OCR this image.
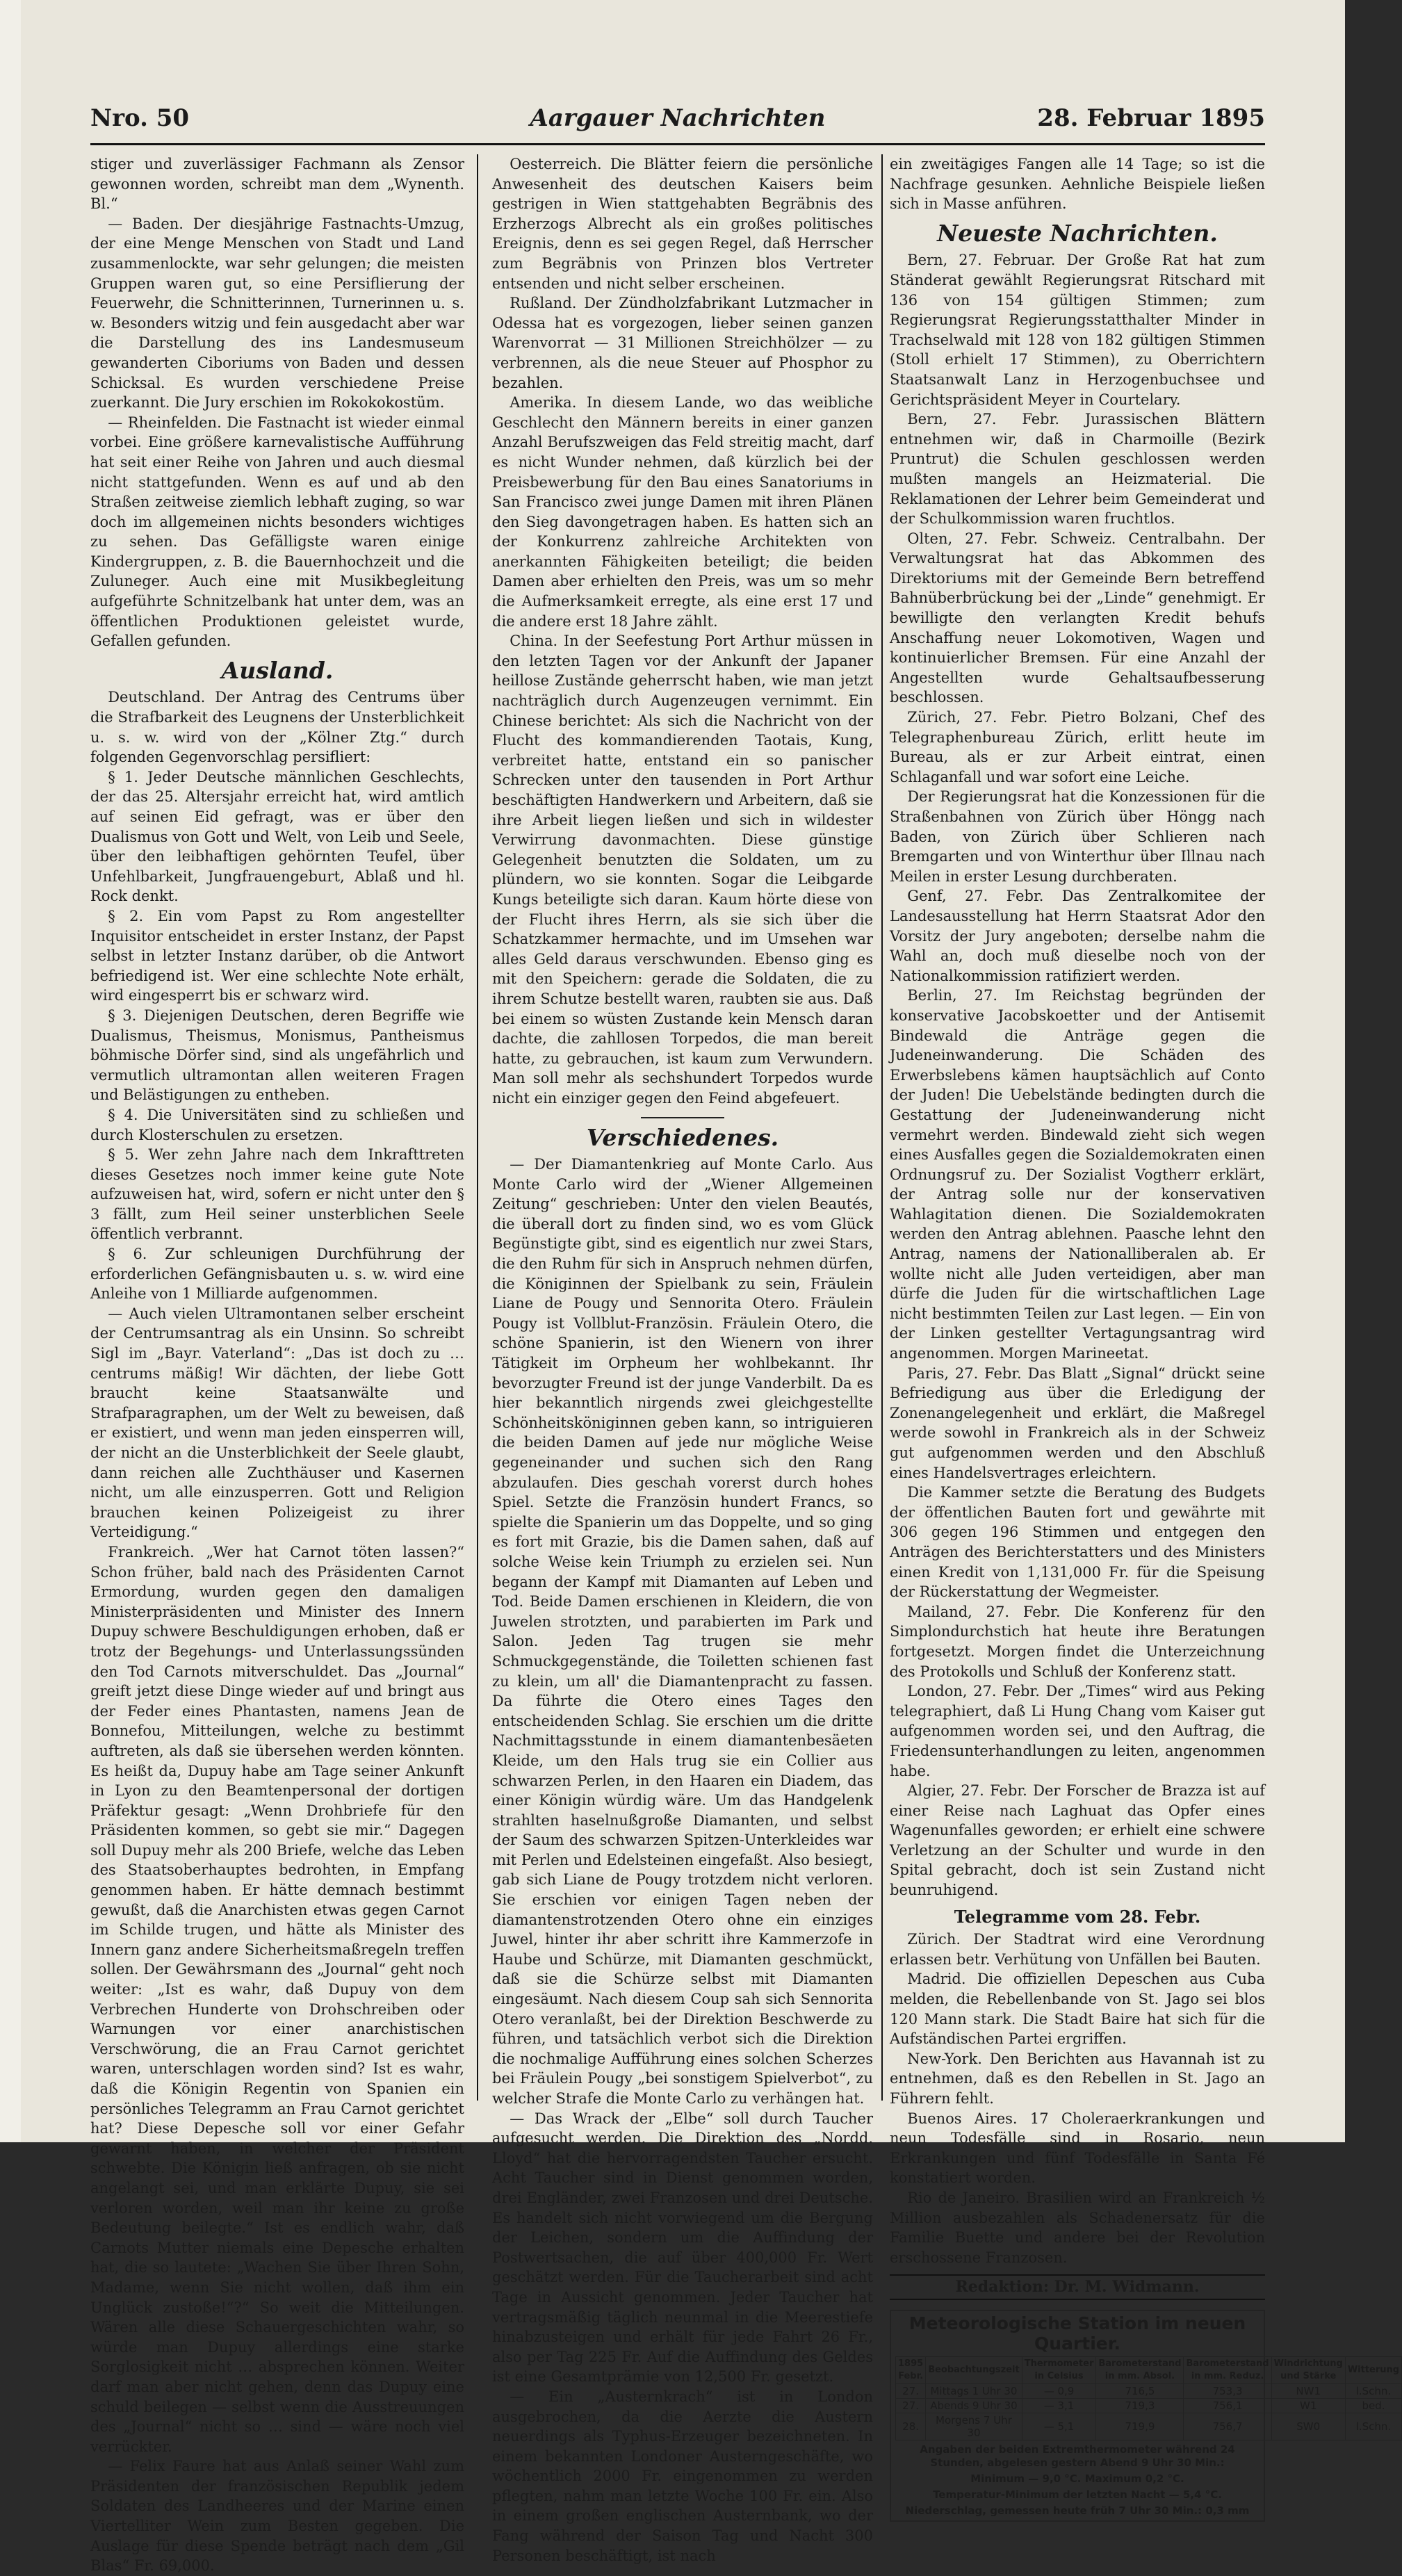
Nro. 50	Aargauer Nachrichten	28. Februar 1895

stiger und zuverlässiger Fachmann als Zensor gewonnen worden, schreibt man dem „Wynenth. Bl.“

— Baden. Der diesjährige Fastnachts-Umzug, der eine Menge Menschen von Stadt und Land zusammenlockte, war sehr gelungen; die meisten Gruppen waren gut, so eine Persiflierung der Feuerwehr, die Schnitterinnen, Turnerinnen u. s. w. Besonders witzig und fein ausgedacht aber war die Darstellung des ins Landesmuseum gewanderten Ciboriums von Baden und dessen Schicksal. Es wurden verschiedene Preise zuerkannt. Die Jury erschien im Rokokokostüm.

— Rheinfelden. Die Fastnacht ist wieder einmal vorbei. Eine größere karnevalistische Aufführung hat seit einer Reihe von Jahren und auch diesmal nicht stattgefunden. Wenn es auf und ab den Straßen zeitweise ziemlich lebhaft zuging, so war doch im allgemeinen nichts besonders wichtiges zu sehen. Das Gefälligste waren einige Kindergruppen, z. B. die Bauernhochzeit und die Zuluneger. Auch eine mit Musikbegleitung aufgeführte Schnitzelbank hat unter dem, was an öffentlichen Produktionen geleistet wurde, Gefallen gefunden.

Ausland.

Deutschland. Der Antrag des Centrums über die Strafbarkeit des Leugnens der Unsterblichkeit u. s. w. wird von der „Kölner Ztg.“ durch folgenden Gegenvorschlag persifliert:

§ 1. Jeder Deutsche männlichen Geschlechts, der das 25. Altersjahr erreicht hat, wird amtlich auf seinen Eid gefragt, was er über den Dualismus von Gott und Welt, von Leib und Seele, über den leibhaftigen gehörnten Teufel, über Unfehlbarkeit, Jungfrauengeburt, Ablaß und hl. Rock denkt.

§ 2. Ein vom Papst zu Rom angestellter Inquisitor entscheidet in erster Instanz, der Papst selbst in letzter Instanz darüber, ob die Antwort befriedigend ist. Wer eine schlechte Note erhält, wird eingesperrt bis er schwarz wird.

§ 3. Diejenigen Deutschen, deren Begriffe wie Dualismus, Theismus, Monismus, Pantheismus böhmische Dörfer sind, sind als ungefährlich und vermutlich ultramontan allen weiteren Fragen und Belästigungen zu entheben.

§ 4. Die Universitäten sind zu schließen und durch Klosterschulen zu ersetzen.

§ 5. Wer zehn Jahre nach dem Inkrafttreten dieses Gesetzes noch immer keine gute Note aufzuweisen hat, wird, sofern er nicht unter den § 3 fällt, zum Heil seiner unsterblichen Seele öffentlich verbrannt.

§ 6. Zur schleunigen Durchführung der erforderlichen Gefängnisbauten u. s. w. wird eine Anleihe von 1 Milliarde aufgenommen.

— Auch vielen Ultramontanen selber erscheint der Centrumsantrag als ein Unsinn. So schreibt Sigl im „Bayr. Vaterland“: „Das ist doch zu … centrums mäßig! Wir dächten, der liebe Gott braucht keine Staatsanwälte und Strafparagraphen, um der Welt zu beweisen, daß er existiert, und wenn man jeden einsperren will, der nicht an die Unsterblichkeit der Seele glaubt, dann reichen alle Zuchthäuser und Kasernen nicht, um alle einzusperren. Gott und Religion brauchen keinen Polizeigeist zu ihrer Verteidigung.“

Frankreich. „Wer hat Carnot töten lassen?“ Schon früher, bald nach des Präsidenten Carnot Ermordung, wurden gegen den damaligen Ministerpräsidenten und Minister des Innern Dupuy schwere Beschuldigungen erhoben, daß er trotz der Begehungs- und Unterlassungssünden den Tod Carnots mitverschuldet. Das „Journal“ greift jetzt diese Dinge wieder auf und bringt aus der Feder eines Phantasten, namens Jean de Bonnefou, Mitteilungen, welche zu bestimmt auftreten, als daß sie übersehen werden könnten. Es heißt da, Dupuy habe am Tage seiner Ankunft in Lyon zu den Beamtenpersonal der dortigen Präfektur gesagt: „Wenn Drohbriefe für den Präsidenten kommen, so gebt sie mir.“ Dagegen soll Dupuy mehr als 200 Briefe, welche das Leben des Staatsoberhauptes bedrohten, in Empfang genommen haben. Er hätte demnach bestimmt gewußt, daß die Anarchisten etwas gegen Carnot im Schilde trugen, und hätte als Minister des Innern ganz andere Sicherheitsmaßregeln treffen sollen. Der Gewährsmann des „Journal“ geht noch weiter: „Ist es wahr, daß Dupuy von dem Verbrechen Hunderte von Drohschreiben oder Warnungen vor einer anarchistischen Verschwörung, die an Frau Carnot gerichtet waren, unterschlagen worden sind? Ist es wahr, daß die Königin Regentin von Spanien ein persönliches Telegramm an Frau Carnot gerichtet hat? Diese Depesche soll vor einer Gefahr gewarnt haben, in welcher der Präsident schwebte. Die Königin ließ anfragen, ob sie nicht angelangt sei, und man erklärte Dupuy, sie sei verloren worden, weil man ihr keine zu große Bedeutung beilegte.“ Ist es endlich wahr, daß Carnots Mutter niemals eine Depesche erhalten hat, die so lautete: „Wachen Sie über Ihren Sohn, Madame, wenn Sie nicht wollen, daß ihm ein Unglück zustoße!“?“ So weit die Mitteilungen. Wären alle diese Schauergeschichten wahr, so würde man Dupuy allerdings eine starke Sorglosigkeit nicht … absprechen können. Weiter darf man aber nicht gehen, denn das Dupuy eine schuld beilegen — selbst wenn die Ausstreuungen des „Journal“ nicht so … sind — wäre noch viel verrückter.

— Felix Faure hat aus Anlaß seiner Wahl zum Präsidenten der französischen Republik jedem Soldaten des Landheeres und der Marine einen Viertelliter Wein zum Besten gegeben. Die Auslage für diese Spende beträgt nach dem „Gil Blas“ Fr. 69,000.

Oesterreich. Die Blätter feiern die persönliche Anwesenheit des deutschen Kaisers beim gestrigen in Wien stattgehabten Begräbnis des Erzherzogs Albrecht als ein großes politisches Ereignis, denn es sei gegen Regel, daß Herrscher zum Begräbnis von Prinzen blos Vertreter entsenden und nicht selber erscheinen.

Rußland. Der Zündholzfabrikant Lutzmacher in Odessa hat es vorgezogen, lieber seinen ganzen Warenvorrat — 31 Millionen Streichhölzer — zu verbrennen, als die neue Steuer auf Phosphor zu bezahlen.

Amerika. In diesem Lande, wo das weibliche Geschlecht den Männern bereits in einer ganzen Anzahl Berufszweigen das Feld streitig macht, darf es nicht Wunder nehmen, daß kürzlich bei der Preisbewerbung für den Bau eines Sanatoriums in San Francisco zwei junge Damen mit ihren Plänen den Sieg davongetragen haben. Es hatten sich an der Konkurrenz zahlreiche Architekten von anerkannten Fähigkeiten beteiligt; die beiden Damen aber erhielten den Preis, was um so mehr die Aufmerksamkeit erregte, als eine erst 17 und die andere erst 18 Jahre zählt.

China. In der Seefestung Port Arthur müssen in den letzten Tagen vor der Ankunft der Japaner heillose Zustände geherrscht haben, wie man jetzt nachträglich durch Augenzeugen vernimmt. Ein Chinese berichtet: Als sich die Nachricht von der Flucht des kommandierenden Taotais, Kung, verbreitet hatte, entstand ein so panischer Schrecken unter den tausenden in Port Arthur beschäftigten Handwerkern und Arbeitern, daß sie ihre Arbeit liegen ließen und sich in wildester Verwirrung davonmachten. Diese günstige Gelegenheit benutzten die Soldaten, um zu plündern, wo sie konnten. Sogar die Leibgarde Kungs beteiligte sich daran. Kaum hörte diese von der Flucht ihres Herrn, als sie sich über die Schatzkammer hermachte, und im Umsehen war alles Geld daraus verschwunden. Ebenso ging es mit den Speichern: gerade die Soldaten, die zu ihrem Schutze bestellt waren, raubten sie aus. Daß bei einem so wüsten Zustande kein Mensch daran dachte, die zahllosen Torpedos, die man bereit hatte, zu gebrauchen, ist kaum zum Verwundern. Man soll mehr als sechshundert Torpedos wurde nicht ein einziger gegen den Feind abgefeuert.

Verschiedenes.

— Der Diamantenkrieg auf Monte Carlo. Aus Monte Carlo wird der „Wiener Allgemeinen Zeitung“ geschrieben: Unter den vielen Beautés, die überall dort zu finden sind, wo es vom Glück Begünstigte gibt, sind es eigentlich nur zwei Stars, die den Ruhm für sich in Anspruch nehmen dürfen, die Königinnen der Spielbank zu sein, Fräulein Liane de Pougy und Sennorita Otero. Fräulein Pougy ist Vollblut-Französin. Fräulein Otero, die schöne Spanierin, ist den Wienern von ihrer Tätigkeit im Orpheum her wohlbekannt. Ihr bevorzugter Freund ist der junge Vanderbilt. Da es hier bekanntlich nirgends zwei gleichgestellte Schönheitsköniginnen geben kann, so intriguieren die beiden Damen auf jede nur mögliche Weise gegeneinander und suchen sich den Rang abzulaufen. Dies geschah vorerst durch hohes Spiel. Setzte die Französin hundert Francs, so spielte die Spanierin um das Doppelte, und so ging es fort mit Grazie, bis die Damen sahen, daß auf solche Weise kein Triumph zu erzielen sei. Nun begann der Kampf mit Diamanten auf Leben und Tod. Beide Damen erschienen in Kleidern, die von Juwelen strotzten, und parabierten im Park und Salon. Jeden Tag trugen sie mehr Schmuckgegenstände, die Toiletten schienen fast zu klein, um all' die Diamantenpracht zu fassen. Da führte die Otero eines Tages den entscheidenden Schlag. Sie erschien um die dritte Nachmittagsstunde in einem diamantenbesäeten Kleide, um den Hals trug sie ein Collier aus schwarzen Perlen, in den Haaren ein Diadem, das einer Königin würdig wäre. Um das Handgelenk strahlten haselnußgroße Diamanten, und selbst der Saum des schwarzen Spitzen-Unterkleides war mit Perlen und Edelsteinen eingefaßt. Also besiegt, gab sich Liane de Pougy trotzdem nicht verloren. Sie erschien vor einigen Tagen neben der diamantenstrotzenden Otero ohne ein einziges Juwel, hinter ihr aber schritt ihre Kammerzofe in Haube und Schürze, mit Diamanten geschmückt, daß sie die Schürze selbst mit Diamanten eingesäumt. Nach diesem Coup sah sich Sennorita Otero veranlaßt, bei der Direktion Beschwerde zu führen, und tatsächlich verbot sich die Direktion die nochmalige Aufführung eines solchen Scherzes bei Fräulein Pougy „bei sonstigem Spielverbot“, zu welcher Strafe die Monte Carlo zu verhängen hat.

— Das Wrack der „Elbe“ soll durch Taucher aufgesucht werden. Die Direktion des „Nordd. Lloyd“ hat die hervorragendsten Taucher ersucht. Acht Taucher sind in Dienst genommen worden, drei Engländer, zwei Franzosen und drei Deutsche. Es handelt sich nicht vorwiegend um die Bergung der Leichen, sondern um die Auffindung der Postwertsachen, die auf über 400,000 Fr. Wert geschätzt werden. Für die Taucherarbeit sind acht Tage in Aussicht genommen. Jeder Taucher hat vertragsmäßig täglich neunmal in die Meerestiefe hinabzusteigen und erhält für jede Fahrt 26 Fr., also per Tag 225 Fr. Auf die Auffindung des Geldes ist eine Gesamtprämie von 12,500 Fr. gesetzt.

— Ein „Austernkrach“ ist in London ausgebrochen, da die Aerzte die Austern neuerdings als Typhus-Erzeuger bezeichneten. In einem bekannten Londoner Austerngeschäfte, wo wöchentlich 2000 Fr. eingenommen zu werden pflegten, nahm man letzte Woche 100 Fr. ein. Also in einem großen englischen Austernbank, wo der Fang während der Saison Tag und Nacht 300 Personen beschäftigt, ist nach

ein zweitägiges Fangen alle 14 Tage; so ist die Nachfrage gesunken. Aehnliche Beispiele ließen sich in Masse anführen.

Neueste Nachrichten.

Bern, 27. Februar. Der Große Rat hat zum Ständerat gewählt Regierungsrat Ritschard mit 136 von 154 gültigen Stimmen; zum Regierungsrat Regierungsstatthalter Minder in Trachselwald mit 128 von 182 gültigen Stimmen (Stoll erhielt 17 Stimmen), zu Oberrichtern Staatsanwalt Lanz in Herzogenbuchsee und Gerichtspräsident Meyer in Courtelary.

Bern, 27. Febr. Jurassischen Blättern entnehmen wir, daß in Charmoille (Bezirk Pruntrut) die Schulen geschlossen werden mußten mangels an Heizmaterial. Die Reklamationen der Lehrer beim Gemeinderat und der Schulkommission waren fruchtlos.

Olten, 27. Febr. Schweiz. Centralbahn. Der Verwaltungsrat hat das Abkommen des Direktoriums mit der Gemeinde Bern betreffend Bahnüberbrückung bei der „Linde“ genehmigt. Er bewilligte den verlangten Kredit behufs Anschaffung neuer Lokomotiven, Wagen und kontinuierlicher Bremsen. Für eine Anzahl der Angestellten wurde Gehaltsaufbesserung beschlossen.

Zürich, 27. Febr. Pietro Bolzani, Chef des Telegraphenbureau Zürich, erlitt heute im Bureau, als er zur Arbeit eintrat, einen Schlaganfall und war sofort eine Leiche.

Der Regierungsrat hat die Konzessionen für die Straßenbahnen von Zürich über Höngg nach Baden, von Zürich über Schlieren nach Bremgarten und von Winterthur über Illnau nach Meilen in erster Lesung durchberaten.

Genf, 27. Febr. Das Zentralkomitee der Landesausstellung hat Herrn Staatsrat Ador den Vorsitz der Jury angeboten; derselbe nahm die Wahl an, doch muß dieselbe noch von der Nationalkommission ratifiziert werden.

Berlin, 27. Im Reichstag begründen der konservative Jacobskoetter und der Antisemit Bindewald die Anträge gegen die Judeneinwanderung. Die Schäden des Erwerbslebens kämen hauptsächlich auf Conto der Juden! Die Uebelstände bedingten durch die Gestattung der Judeneinwanderung nicht vermehrt werden. Bindewald zieht sich wegen eines Ausfalles gegen die Sozialdemokraten einen Ordnungsruf zu. Der Sozialist Vogtherr erklärt, der Antrag solle nur der konservativen Wahlagitation dienen. Die Sozialdemokraten werden den Antrag ablehnen. Paasche lehnt den Antrag, namens der Nationalliberalen ab. Er wollte nicht alle Juden verteidigen, aber man dürfe die Juden für die wirtschaftlichen Lage nicht bestimmten Teilen zur Last legen. — Ein von der Linken gestellter Vertagungsantrag wird angenommen. Morgen Marineetat.

Paris, 27. Febr. Das Blatt „Signal“ drückt seine Befriedigung aus über die Erledigung der Zonenangelegenheit und erklärt, die Maßregel werde sowohl in Frankreich als in der Schweiz gut aufgenommen werden und den Abschluß eines Handelsvertrages erleichtern.

Die Kammer setzte die Beratung des Budgets der öffentlichen Bauten fort und gewährte mit 306 gegen 196 Stimmen und entgegen den Anträgen des Berichterstatters und des Ministers einen Kredit von 1,131,000 Fr. für die Speisung der Rückerstattung der Wegmeister.

Mailand, 27. Febr. Die Konferenz für den Simplondurchstich hat heute ihre Beratungen fortgesetzt. Morgen findet die Unterzeichnung des Protokolls und Schluß der Konferenz statt.

London, 27. Febr. Der „Times“ wird aus Peking telegraphiert, daß Li Hung Chang vom Kaiser gut aufgenommen worden sei, und den Auftrag, die Friedensunterhandlungen zu leiten, angenommen habe.

Algier, 27. Febr. Der Forscher de Brazza ist auf einer Reise nach Laghuat das Opfer eines Wagenunfalles geworden; er erhielt eine schwere Verletzung an der Schulter und wurde in den Spital gebracht, doch ist sein Zustand nicht beunruhigend.

Telegramme vom 28. Febr.

Zürich. Der Stadtrat wird eine Verordnung erlassen betr. Verhütung von Unfällen bei Bauten.

Madrid. Die offiziellen Depeschen aus Cuba melden, die Rebellenbande von St. Jago sei blos 120 Mann stark. Die Stadt Baire hat sich für die Aufständischen Partei ergriffen.

New-York. Den Berichten aus Havannah ist zu entnehmen, daß es den Rebellen in St. Jago an Führern fehlt.

Buenos Aires. 17 Choleraerkrankungen und neun Todesfälle sind in Rosario, neun Erkrankungen und fünf Todesfälle in Santa Fé konstatiert worden.

Rio de Janeiro. Brasilien wird an Frankreich ½ Million ausbezahlen als Schadenersatz für die Familie Buette und andere bei der Revolution erschossene Franzosen.

Redaktion: Dr. M. Widmann.
Meteorologische Station im neuen Quartier.
1895 Febr.	Beobachtungszeit	Thermometer in Celsius	Barometerstand in mm. Absol.	Barometerstand in mm. Reduz.	Windrichtung und Stärke	Witterung
27.	Mittags 1 Uhr 30	— 0,9	716,5	753,3	NW1	l.Schn.
27.	Abends 9 Uhr 30	— 3,1	719,3	756,1	W1	bed.
28.	Morgens 7 Uhr 30	— 5,1	719,9	756,7	SW0	l.Schn.
Angaben der beiden Extremthermometer während 24 Stunden, abgelesen gestern Abend 9 Uhr 30 Min.:
Minimum — 9,0 °C. Maximum 0,2 °C.
Temperatur-Minimum der letzten Nacht — 5,4 °C.
Niederschlag, gemessen heute früh 7 Uhr 30 Min.: 0,3 mm
